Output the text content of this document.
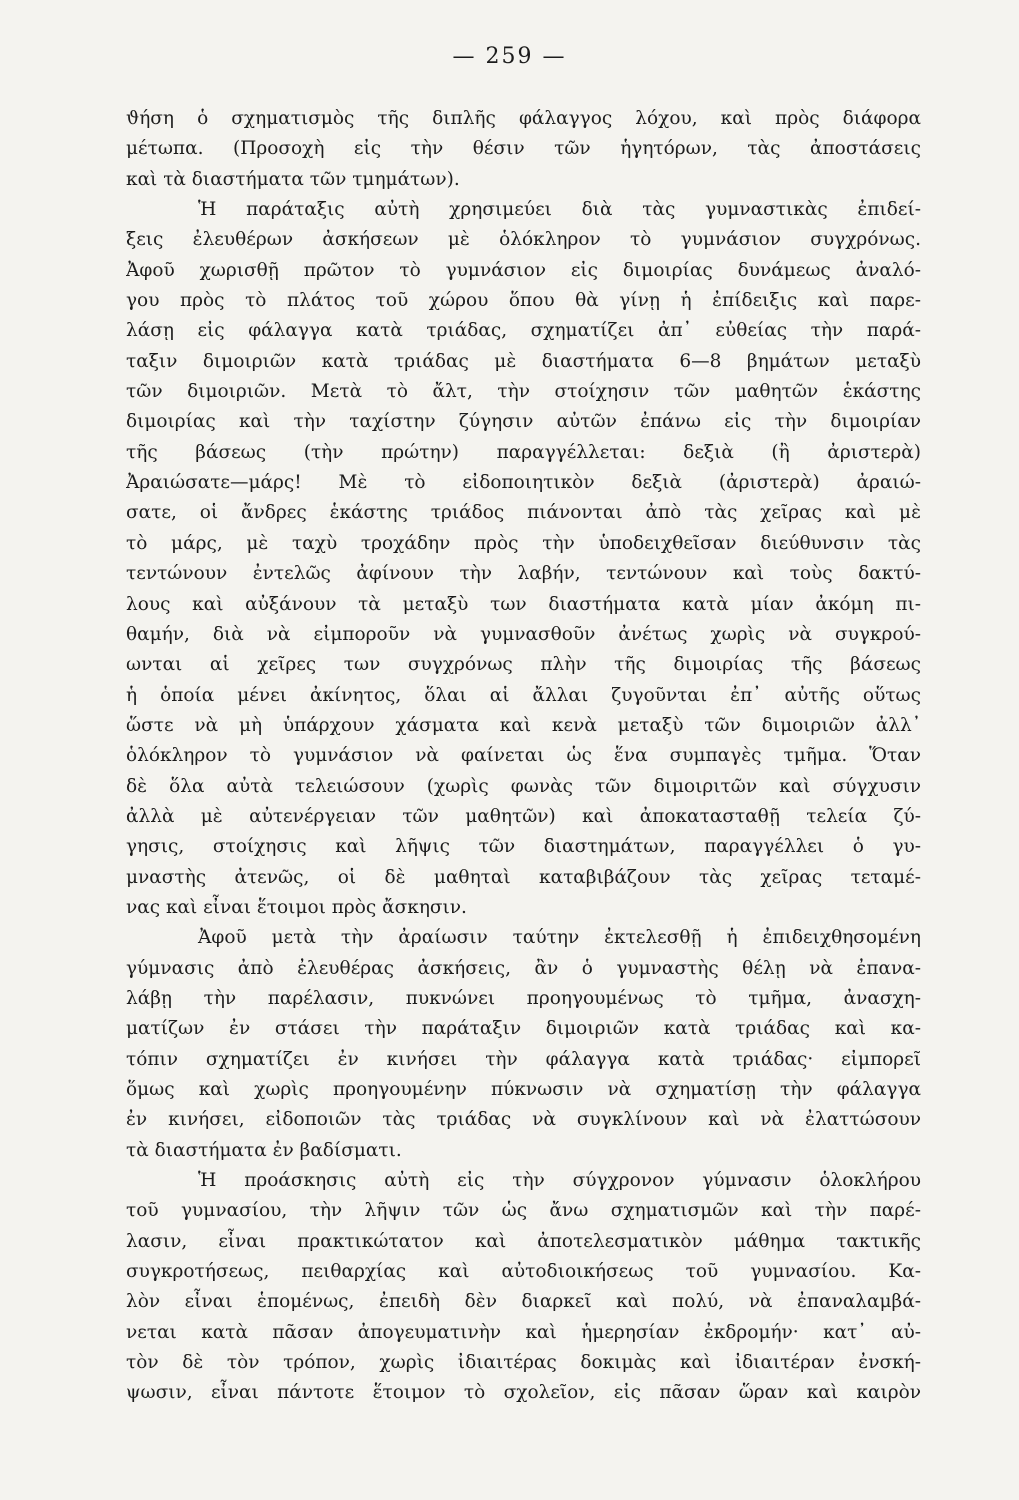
— 259 —
ϑήση ὁ σχηματισμὸς τῆς διπλῆς φάλαγγος λόχου, καὶ πρὸς διάφορα
μέτωπα. (Προσοχὴ εἰς τὴν θέσιν τῶν ἡγητόρων, τὰς ἀποστάσεις
καὶ τὰ διαστήματα τῶν τμημάτων).
Ἡ παράταξις αὐτὴ χρησιμεύει διὰ τὰς γυμναστικὰς ἐπιδεί-
ξεις ἐλευθέρων ἀσκήσεων μὲ ὁλόκληρον τὸ γυμνάσιον συγχρόνως.
Ἀφοῦ χωρισθῇ πρῶτον τὸ γυμνάσιον εἰς διμοιρίας δυνάμεως ἀναλό-
γου πρὸς τὸ πλάτος τοῦ χώρου ὅπου θὰ γίνῃ ἡ ἐπίδειξις καὶ παρε-
λάσῃ εἰς φάλαγγα κατὰ τριάδας, σχηματίζει ἀπ᾽ εὐθείας τὴν παρά-
ταξιν διμοιριῶν κατὰ τριάδας μὲ διαστήματα 6—8 βημάτων μεταξὺ
τῶν διμοιριῶν. Μετὰ τὸ ἄλτ, τὴν στοίχησιν τῶν μαθητῶν ἑκάστης
διμοιρίας καὶ τὴν ταχίστην ζύγησιν αὐτῶν ἐπάνω εἰς τὴν διμοιρίαν
τῆς βάσεως (τὴν πρώτην) παραγγέλλεται: δεξιὰ (ἢ ἀριστερὰ)
Ἀραιώσατε—μάρς! Μὲ τὸ εἰδοποιητικὸν δεξιὰ (ἀριστερὰ) ἀραιώ-
σατε, οἱ ἄνδρες ἑκάστης τριάδος πιάνονται ἀπὸ τὰς χεῖρας καὶ μὲ
τὸ μάρς, μὲ ταχὺ τροχάδην πρὸς τὴν ὑποδειχθεῖσαν διεύθυνσιν τὰς
τεντώνουν ἐντελῶς ἀφίνουν τὴν λαβήν, τεντώνουν καὶ τοὺς δακτύ-
λους καὶ αὐξάνουν τὰ μεταξὺ των διαστήματα κατὰ μίαν ἀκόμη πι-
θαμήν, διὰ νὰ εἰμποροῦν νὰ γυμνασθοῦν ἀνέτως χωρὶς νὰ συγκρού-
ωνται αἱ χεῖρες των συγχρόνως πλὴν τῆς διμοιρίας τῆς βάσεως
ἡ ὁποία μένει ἀκίνητος, ὅλαι αἱ ἄλλαι ζυγοῦνται ἐπ᾽ αὐτῆς οὕτως
ὥστε νὰ μὴ ὑπάρχουν χάσματα καὶ κενὰ μεταξὺ τῶν διμοιριῶν ἀλλ᾽
ὁλόκληρον τὸ γυμνάσιον νὰ φαίνεται ὡς ἕνα συμπαγὲς τμῆμα. Ὅταν
δὲ ὅλα αὐτὰ τελειώσουν (χωρὶς φωνὰς τῶν διμοιριτῶν καὶ σύγχυσιν
ἀλλὰ μὲ αὐτενέργειαν τῶν μαθητῶν) καὶ ἀποκατασταθῇ τελεία ζύ-
γησις, στοίχησις καὶ λῆψις τῶν διαστημάτων, παραγγέλλει ὁ γυ-
μναστὴς ἀτενῶς, οἱ δὲ μαθηταὶ καταβιβάζουν τὰς χεῖρας τεταμέ-
νας καὶ εἶναι ἕτοιμοι πρὸς ἄσκησιν.
Ἀφοῦ μετὰ τὴν ἀραίωσιν ταύτην ἐκτελεσθῇ ἡ ἐπιδειχθησομένη
γύμνασις ἀπὸ ἐλευθέρας ἀσκήσεις, ἂν ὁ γυμναστὴς θέλῃ νὰ ἐπανα-
λάβῃ τὴν παρέλασιν, πυκνώνει προηγουμένως τὸ τμῆμα, ἀνασχη-
ματίζων ἐν στάσει τὴν παράταξιν διμοιριῶν κατὰ τριάδας καὶ κα-
τόπιν σχηματίζει ἐν κινήσει τὴν φάλαγγα κατὰ τριάδας· εἰμπορεῖ
ὅμως καὶ χωρὶς προηγουμένην πύκνωσιν νὰ σχηματίσῃ τὴν φάλαγγα
ἐν κινήσει, εἰδοποιῶν τὰς τριάδας νὰ συγκλίνουν καὶ νὰ ἐλαττώσουν
τὰ διαστήματα ἐν βαδίσματι.
Ἡ προάσκησις αὐτὴ εἰς τὴν σύγχρονον γύμνασιν ὁλοκλήρου
τοῦ γυμνασίου, τὴν λῆψιν τῶν ὡς ἄνω σχηματισμῶν καὶ τὴν παρέ-
λασιν, εἶναι πρακτικώτατον καὶ ἀποτελεσματικὸν μάθημα τακτικῆς
συγκροτήσεως, πειθαρχίας καὶ αὐτοδιοικήσεως τοῦ γυμνασίου. Κα-
λὸν εἶναι ἑπομένως, ἐπειδὴ δὲν διαρκεῖ καὶ πολύ, νὰ ἐπαναλαμβά-
νεται κατὰ πᾶσαν ἀπογευματινὴν καὶ ἡμερησίαν ἐκδρομήν· κατ᾽ αὐ-
τὸν δὲ τὸν τρόπον, χωρὶς ἰδιαιτέρας δοκιμὰς καὶ ἰδιαιτέραν ἐνσκή-
ψωσιν, εἶναι πάντοτε ἕτοιμον τὸ σχολεῖον, εἰς πᾶσαν ὥραν καὶ καιρὸν
